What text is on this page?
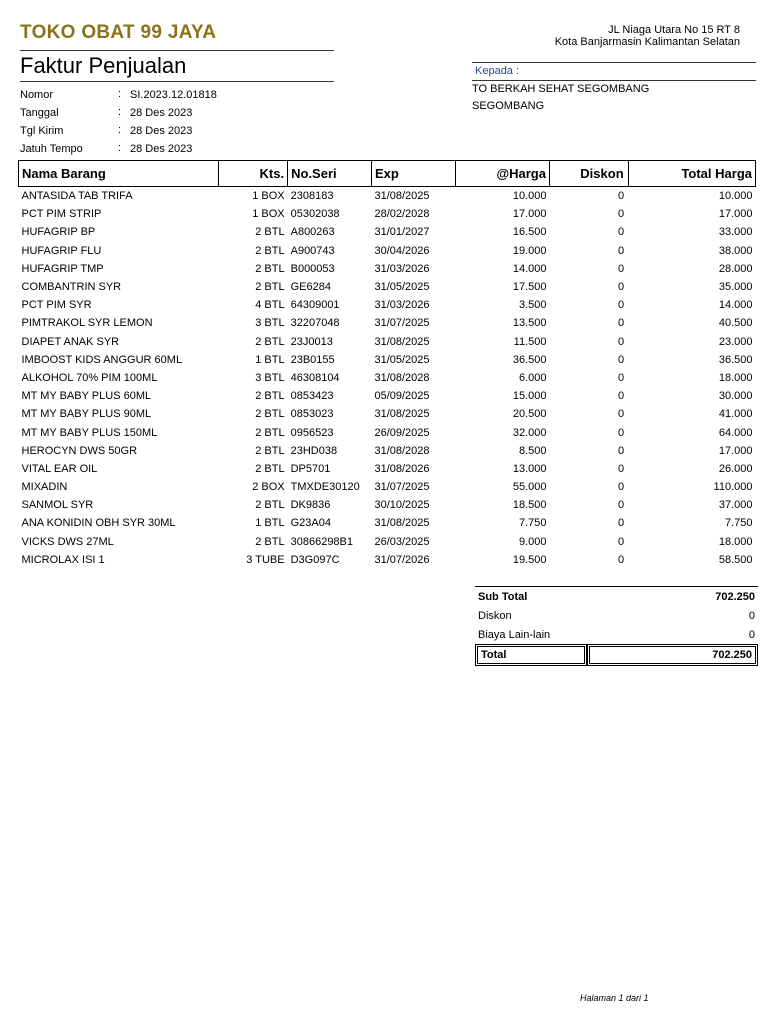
TOKO OBAT 99 JAYA	JL Niaga Utara No 15 RT 8
Kota Banjarmasin Kalimantan Selatan
Faktur Penjualan	Kepada :
TO BERKAH SEHAT SEGOMBANG
SEGOMBANG
Nomor	: SI.2023.12.01818
Tanggal	: 28 Des 2023
Tgl Kirim	: 28 Des 2023
Jatuh Tempo	: 28 Des 2023
Nama Barang	Kts.	No.Seri	Exp	@Harga	Diskon	Total Harga
ANTASIDA TAB TRIFA	1 BOX	2308183	31/08/2025	10.000	0	10.000
PCT PIM STRIP	1 BOX	05302038	28/02/2028	17.000	0	17.000
HUFAGRIP BP	2 BTL	A800263	31/01/2027	16.500	0	33.000
HUFAGRIP FLU	2 BTL	A900743	30/04/2026	19.000	0	38.000
HUFAGRIP TMP	2 BTL	B000053	31/03/2026	14.000	0	28.000
COMBANTRIN SYR	2 BTL	GE6284	31/05/2025	17.500	0	35.000
PCT PIM SYR	4 BTL	64309001	31/03/2026	3.500	0	14.000
PIMTRAKOL SYR LEMON	3 BTL	32207048	31/07/2025	13.500	0	40.500
DIAPET ANAK SYR	2 BTL	23J0013	31/08/2025	11.500	0	23.000
IMBOOST KIDS ANGGUR 60ML	1 BTL	23B0155	31/05/2025	36.500	0	36.500
ALKOHOL 70% PIM 100ML	3 BTL	46308104	31/08/2028	6.000	0	18.000
MT MY BABY PLUS 60ML	2 BTL	0853423	05/09/2025	15.000	0	30.000
MT MY BABY PLUS 90ML	2 BTL	0853023	31/08/2025	20.500	0	41.000
MT MY BABY PLUS 150ML	2 BTL	0956523	26/09/2025	32.000	0	64.000
HEROCYN DWS 50GR	2 BTL	23HD038	31/08/2028	8.500	0	17.000
VITAL EAR OIL	2 BTL	DP5701	31/08/2026	13.000	0	26.000
MIXADIN	2 BOX	TMXDE30120	31/07/2025	55.000	0	110.000
SANMOL SYR	2 BTL	DK9836	30/10/2025	18.500	0	37.000
ANA KONIDIN OBH SYR 30ML	1 BTL	G23A04	31/08/2025	7.750	0	7.750
VICKS DWS 27ML	2 BTL	30866298B1	26/03/2025	9.000	0	18.000
MICROLAX ISI 1	3 TUBE	D3G097C	31/07/2026	19.500	0	58.500
Sub Total	702.250
Diskon	0
Biaya Lain-lain	0
Total	702.250
Halaman 1 dari 1
